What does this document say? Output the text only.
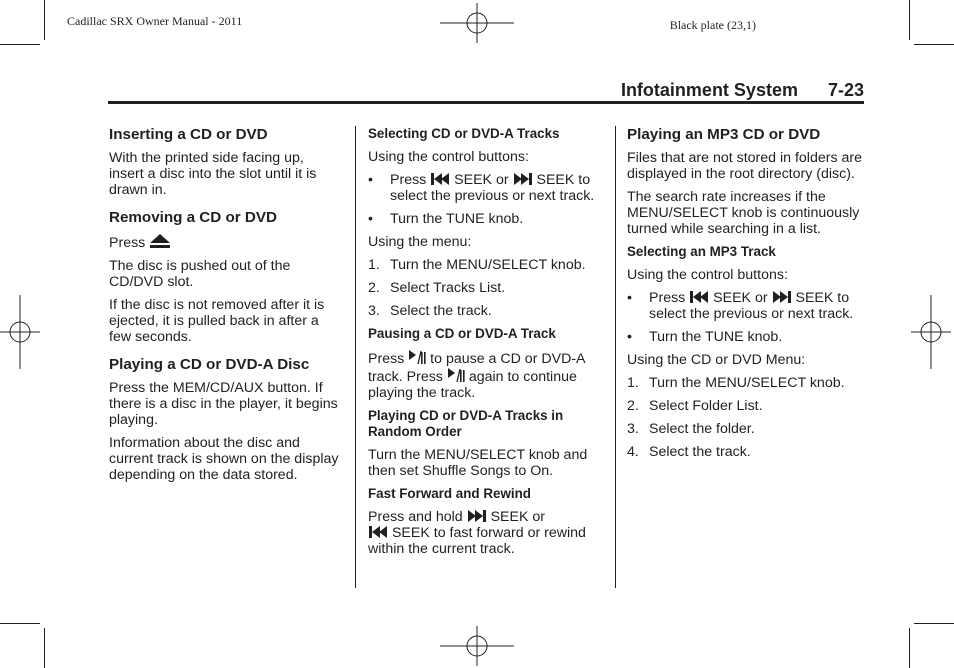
Cadillac SRX Owner Manual - 2011	Black plate (23,1)
Infotainment System 7-23
Inserting a CD or DVD

With the printed side facing up, insert a disc into the slot until it is drawn in.

Removing a CD or DVD

Press

The disc is pushed out of the CD/DVD slot.

If the disc is not removed after it is ejected, it is pulled back in after a few seconds.

Playing a CD or DVD-A Disc

Press the MEM/CD/AUX button. If there is a disc in the player, it begins playing.

Information about the disc and current track is shown on the display depending on the data stored.

Selecting CD or DVD-A Tracks

Using the control buttons:

• Press SEEK or SEEK to select the previous or next track.
• Turn the TUNE knob.

Using the menu:

1. Turn the MENU/SELECT knob.
2. Select Tracks List.
3. Select the track.
Pausing a CD or DVD-A Track

Press to pause a CD or DVD-A track. Press again to continue playing the track.

Playing CD or DVD-A Tracks in Random Order

Turn the MENU/SELECT knob and then set Shuffle Songs to On.

Fast Forward and Rewind

Press and hold SEEK or
SEEK to fast forward or rewind within the current track.

Playing an MP3 CD or DVD

Files that are not stored in folders are displayed in the root directory (disc).

The search rate increases if the MENU/SELECT knob is continuously turned while searching in a list.

Selecting an MP3 Track

Using the control buttons:

• Press SEEK or SEEK to select the previous or next track.
• Turn the TUNE knob.

Using the CD or DVD Menu:

1. Turn the MENU/SELECT knob.
2. Select Folder List.
3. Select the folder.
4. Select the track.
